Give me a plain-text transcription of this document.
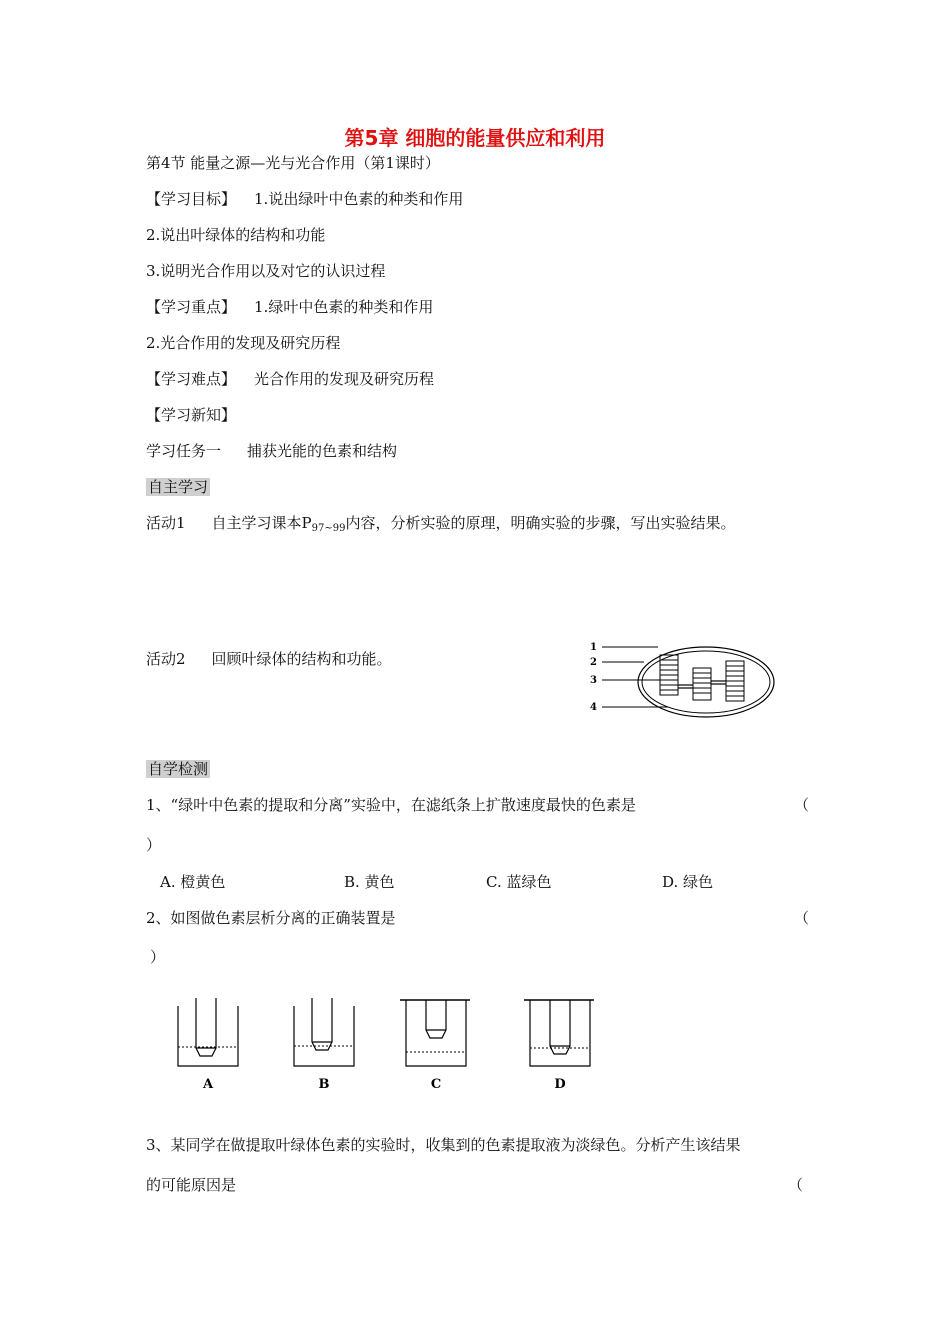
第5章 细胞的能量供应和利用
第4节 能量之源—光与光合作用（第1课时）
【学习目标】 1.说出绿叶中色素的种类和作用
2.说出叶绿体的结构和功能
3.说明光合作用以及对它的认识过程
【学习重点】 1.绿叶中色素的种类和作用
2.光合作用的发现及研究历程
【学习难点】 光合作用的发现及研究历程
【学习新知】
学习任务一 捕获光能的色素和结构
自主学习
活动1 自主学习课本$P_{97\sim 99}$内容，分析实验的原理，明确实验的步骤，写出实验结果。
活动2 回顾叶绿体的结构和功能。
1
2
3
4
自学检测
1、“绿叶中色素的提取和分离”实验中，在滤纸条上扩散速度最快的色素是	（
）
A. 橙黄色	B. 黄色	C. 蓝绿色	D. 绿色
2、如图做色素层析分离的正确装置是	（
）
A	B	C	D
3、某同学在做提取叶绿体色素的实验时，收集到的色素提取液为淡绿色。分析产生该结果
的可能原因是	（
